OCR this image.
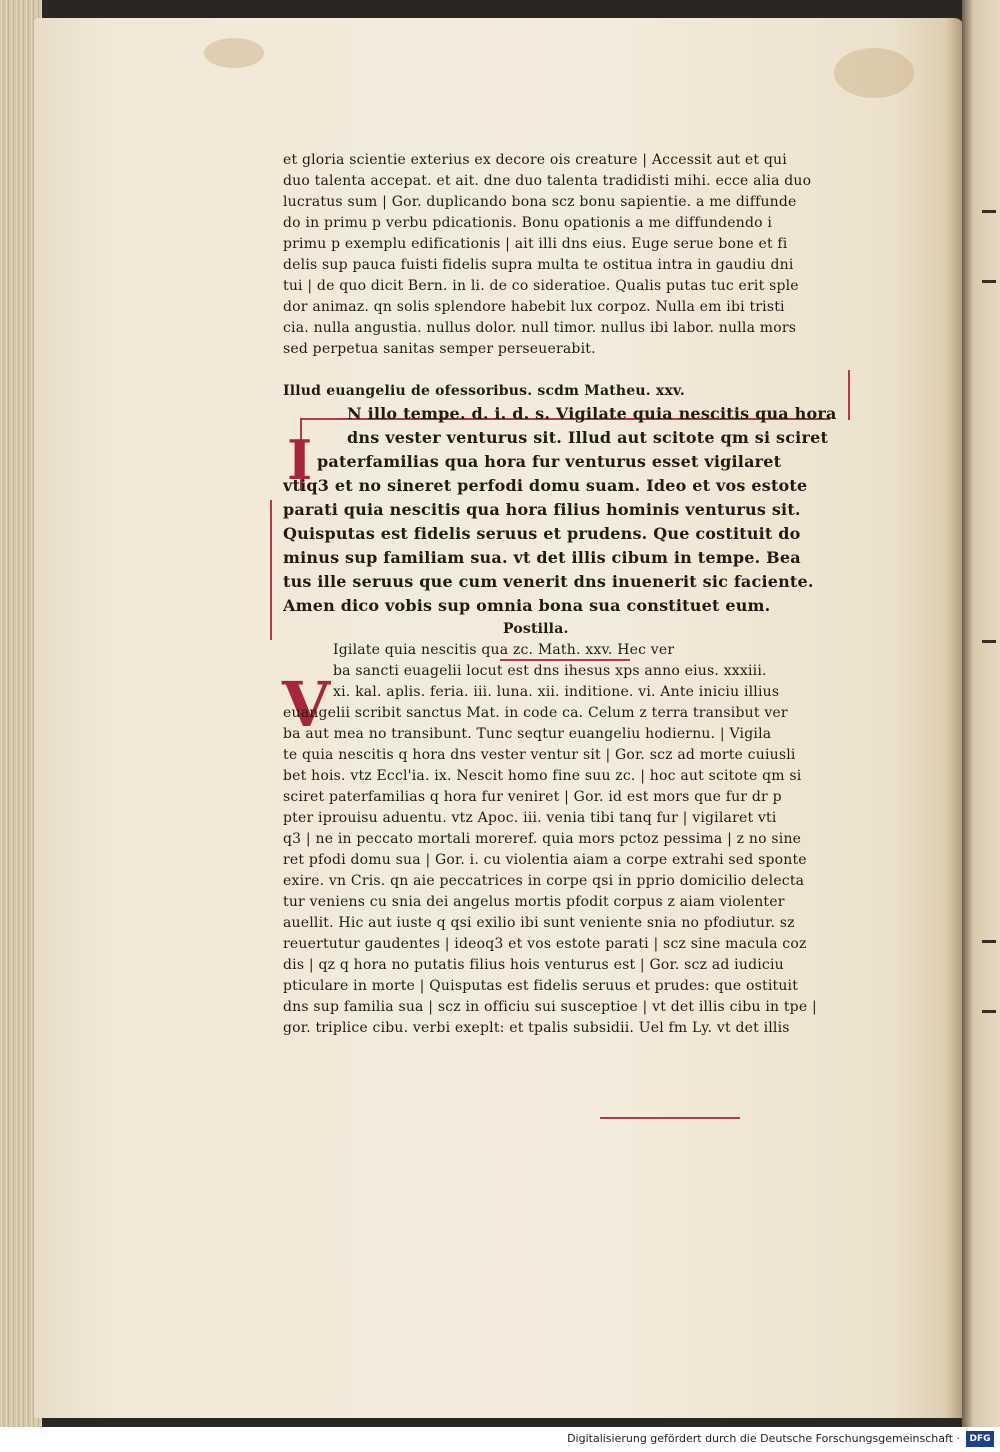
I
V
et gloria scientie exterius ex decore ois creature | Accessit aut et qui
duo talenta accepat. et ait. dne duo talenta tradidisti mihi. ecce alia duo
lucratus sum | Gor. duplicando bona scz bonu sapientie. a me diffunde
do in primu p verbu pdicationis. Bonu opationis a me diffundendo i
primu p exemplu edificationis | ait illi dns eius. Euge serue bone et fi
delis sup pauca fuisti fidelis supra multa te ostitua intra in gaudiu dni
tui | de quo dicit Bern. in li. de co sideratioe. Qualis putas tuc erit sple
dor animaz. qn solis splendore habebit lux corpoz. Nulla em ibi tristi
cia. nulla angustia. nullus dolor. null timor. nullus ibi labor. nulla mors
sed perpetua sanitas semper perseuerabit.
Illud euangeliu de ofessoribus. scdm Matheu. xxv.
N illo tempe. d. i. d. s. Vigilate quia nescitis qua hora
dns vester venturus sit. Illud aut scitote qm si sciret
paterfamilias qua hora fur venturus esset vigilaret
vtiq3 et no sineret perfodi domu suam. Ideo et vos estote
parati quia nescitis qua hora filius hominis venturus sit.
Quisputas est fidelis seruus et prudens. Que costituit do
minus sup familiam sua. vt det illis cibum in tempe. Bea
tus ille seruus que cum venerit dns inuenerit sic faciente.
Amen dico vobis sup omnia bona sua constituet eum.
Postilla.
Igilate quia nescitis qua zc. Math. xxv. Hec ver
ba sancti euagelii locut est dns ihesus xps anno eius. xxxiii.
xi. kal. aplis. feria. iii. luna. xii. inditione. vi. Ante iniciu illius
euangelii scribit sanctus Mat. in code ca. Celum z terra transibut ver
ba aut mea no transibunt. Tunc seqtur euangeliu hodiernu. | Vigila
te quia nescitis q hora dns vester ventur sit | Gor. scz ad morte cuiusli
bet hois. vtz Eccl'ia. ix. Nescit homo fine suu zc. | hoc aut scitote qm si
sciret paterfamilias q hora fur veniret | Gor. id est mors que fur dr p
pter iprouisu aduentu. vtz Apoc. iii. venia tibi tanq fur | vigilaret vti
q3 | ne in peccato mortali moreref. quia mors pctoz pessima | z no sine
ret pfodi domu sua | Gor. i. cu violentia aiam a corpe extrahi sed sponte
exire. vn Cris. qn aie peccatrices in corpe qsi in pprio domicilio delecta
tur veniens cu snia dei angelus mortis pfodit corpus z aiam violenter
auellit. Hic aut iuste q qsi exilio ibi sunt veniente snia no pfodiutur. sz
reuertutur gaudentes | ideoq3 et vos estote parati | scz sine macula coz
dis | qz q hora no putatis filius hois venturus est | Gor. scz ad iudiciu
pticulare in morte | Quisputas est fidelis seruus et prudes: que ostituit
dns sup familia sua | scz in officiu sui susceptioe | vt det illis cibu in tpe |
gor. triplice cibu. verbi exeplt: et tpalis subsidii. Uel fm Ly. vt det illis
Digitalisierung gefördert durch die Deutsche Forschungsgemeinschaft ·	DFG
